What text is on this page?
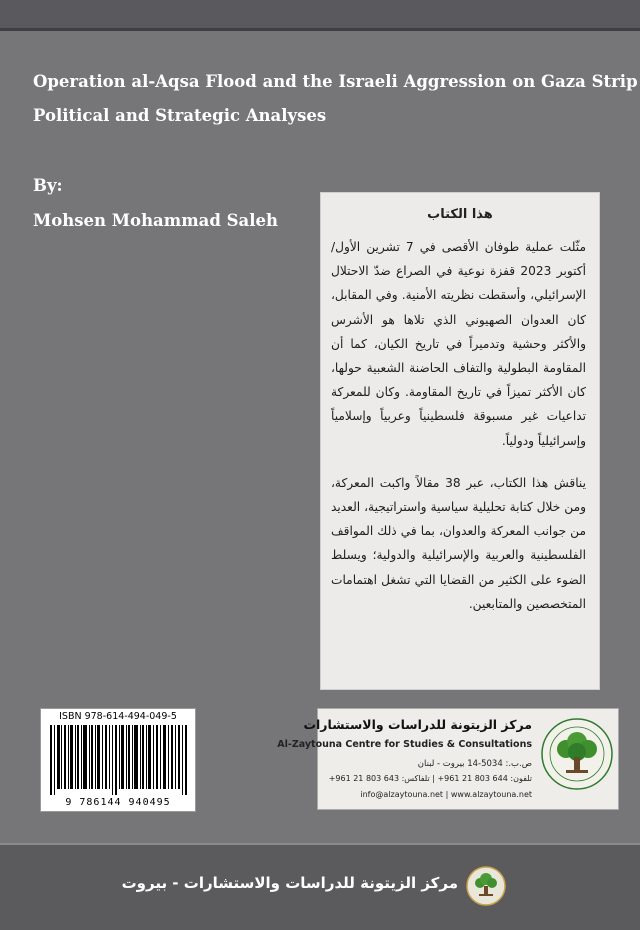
Operation al-Aqsa Flood and the Israeli Aggression on Gaza Strip
Political and Strategic Analyses
By:
Mohsen Mohammad Saleh	هذا الكتاب
مثّلت عملية طوفان الأقصى في 7 تشرين الأول/ أكتوبر 2023 قفزة نوعية في الصراع ضدّ الاحتلال الإسرائيلي، وأسقطت نظريته الأمنية. وفي المقابل، كان العدوان الصهيوني الذي تلاها هو الأشرس والأكثر وحشية وتدميراً في تاريخ الكيان، كما أن المقاومة البطولية والتفاف الحاضنة الشعبية حولها، كان الأكثر تميزاً في تاريخ المقاومة. وكان للمعركة تداعيات غير مسبوقة فلسطينياً وعربياً وإسلامياً وإسرائيلياً ودولياً.
يناقش هذا الكتاب، عبر 38 مقالاً واكبت المعركة، ومن خلال كتابة تحليلية سياسية واستراتيجية، العديد من جوانب المعركة والعدوان، بما في ذلك المواقف الفلسطينية والعربية والإسرائيلية والدولية؛ ويسلط الضوء على الكثير من القضايا التي تشغل اهتمامات المتخصصين والمتابعين.
ISBN 978-614-494-049-5
9 786144 940495
مركز الزيتونة للدراسات والاستشارات
Al-Zaytouna Centre for Studies & Consultations
ص.ب.: 5034-14 بيروت - لبنان
تلفون: 644 803 21 961+ | تلفاكس: 643 803 21 961+
info@alzaytouna.net | www.alzaytouna.net
مركز الزيتونة للدراسات والاستشارات - بيروت
